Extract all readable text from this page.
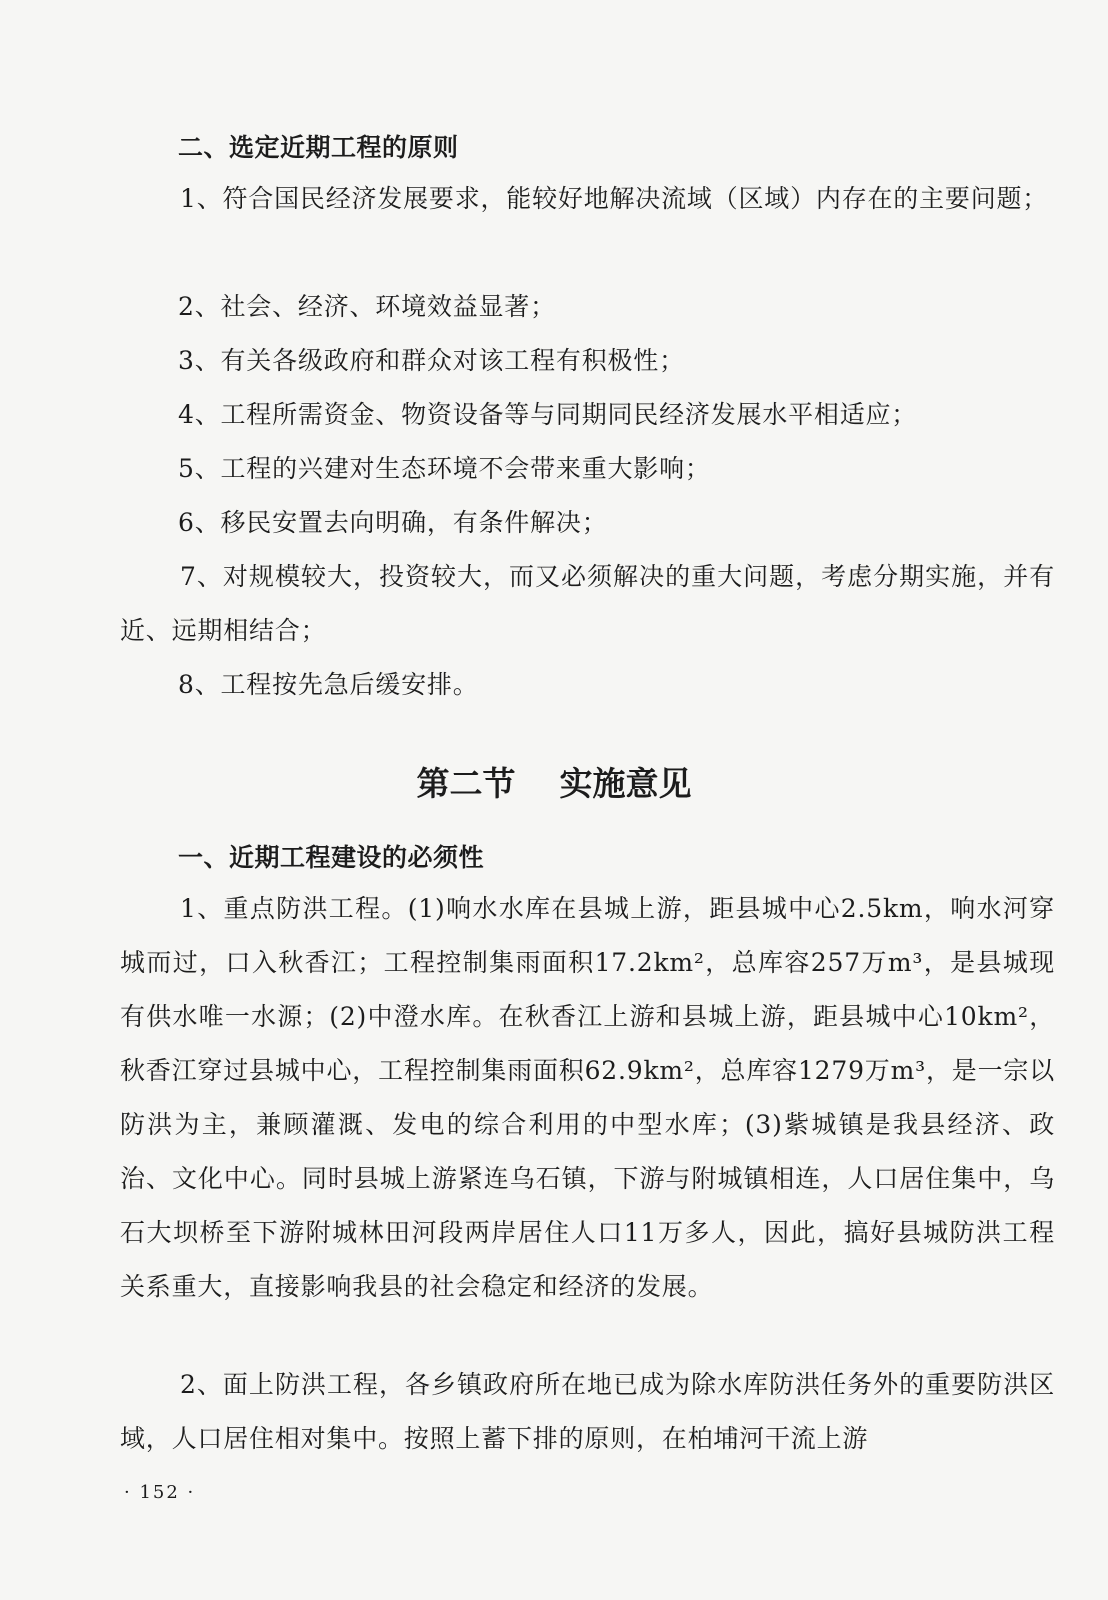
二、选定近期工程的原则

1、符合国民经济发展要求，能较好地解决流域（区域）内存在的主要问题；

2、社会、经济、环境效益显著；

3、有关各级政府和群众对该工程有积极性；

4、工程所需资金、物资设备等与同期同民经济发展水平相适应；

5、工程的兴建对生态环境不会带来重大影响；

6、移民安置去向明确，有条件解决；

7、对规模较大，投资较大，而又必须解决的重大问题，考虑分期实施，并有近、远期相结合；

8、工程按先急后缓安排。

第二节 实施意见
一、近期工程建设的必须性

1、重点防洪工程。(1)响水水库在县城上游，距县城中心2.5km，响水河穿城而过，口入秋香江；工程控制集雨面积17.2km²，总库容257万m³，是县城现有供水唯一水源；(2)中澄水库。在秋香江上游和县城上游，距县城中心10km²，秋香江穿过县城中心，工程控制集雨面积62.9km²，总库容1279万m³，是一宗以防洪为主，兼顾灌溉、发电的综合利用的中型水库；(3)紫城镇是我县经济、政治、文化中心。同时县城上游紧连乌石镇，下游与附城镇相连，人口居住集中，乌石大坝桥至下游附城林田河段两岸居住人口11万多人，因此，搞好县城防洪工程关系重大，直接影响我县的社会稳定和经济的发展。

2、面上防洪工程，各乡镇政府所在地已成为除水库防洪任务外的重要防洪区域，人口居住相对集中。按照上蓄下排的原则，在柏埔河干流上游

· 152 ·
